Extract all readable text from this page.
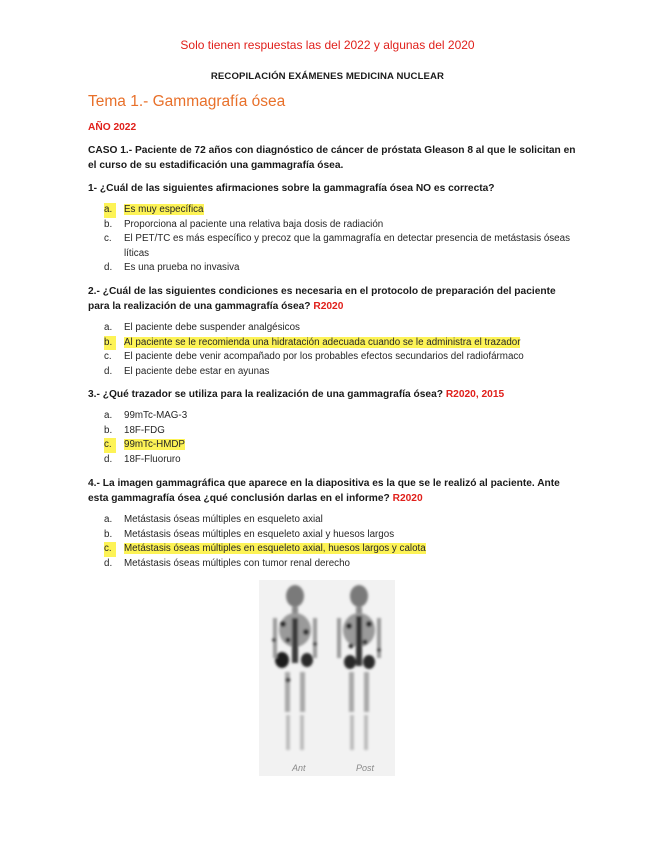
Solo tienen respuestas las del 2022 y algunas del 2020
RECOPILACIÓN EXÁMENES MEDICINA NUCLEAR
Tema 1.- Gammagrafía ósea
AÑO 2022
CASO 1.- Paciente de 72 años con diagnóstico de cáncer de próstata Gleason 8 al que le solicitan en el curso de su estadificación una gammagrafía ósea.
1- ¿Cuál de las siguientes afirmaciones sobre la gammagrafía ósea NO es correcta?
a.	Es muy específica
b. Proporciona al paciente una relativa baja dosis de radiación
c. El PET/TC es más específico y precoz que la gammagrafía en detectar presencia de metástasis óseas líticas
d. Es una prueba no invasiva
2.- ¿Cuál de las siguientes condiciones es necesaria en el protocolo de preparación del paciente para la realización de una gammagrafía ósea? R2020
a. El paciente debe suspender analgésicos
b.	Al paciente se le recomienda una hidratación adecuada cuando se le administra el trazador
c. El paciente debe venir acompañado por los probables efectos secundarios del radiofármaco
d. El paciente debe estar en ayunas
3.- ¿Qué trazador se utiliza para la realización de una gammagrafía ósea? R2020, 2015
a. 99mTc-MAG-3
b. 18F-FDG
c.	99mTc-HMDP
d. 18F-Fluoruro
4.- La imagen gammagráfica que aparece en la diapositiva es la que se le realizó al paciente. Ante esta gammagrafía ósea ¿qué conclusión darlas en el informe? R2020
a. Metástasis óseas múltiples en esqueleto axial
b. Metástasis óseas múltiples en esqueleto axial y huesos largos
c.	Metástasis óseas múltiples en esqueleto axial, huesos largos y calota
d. Metástasis óseas múltiples con tumor renal derecho
Ant	Post
